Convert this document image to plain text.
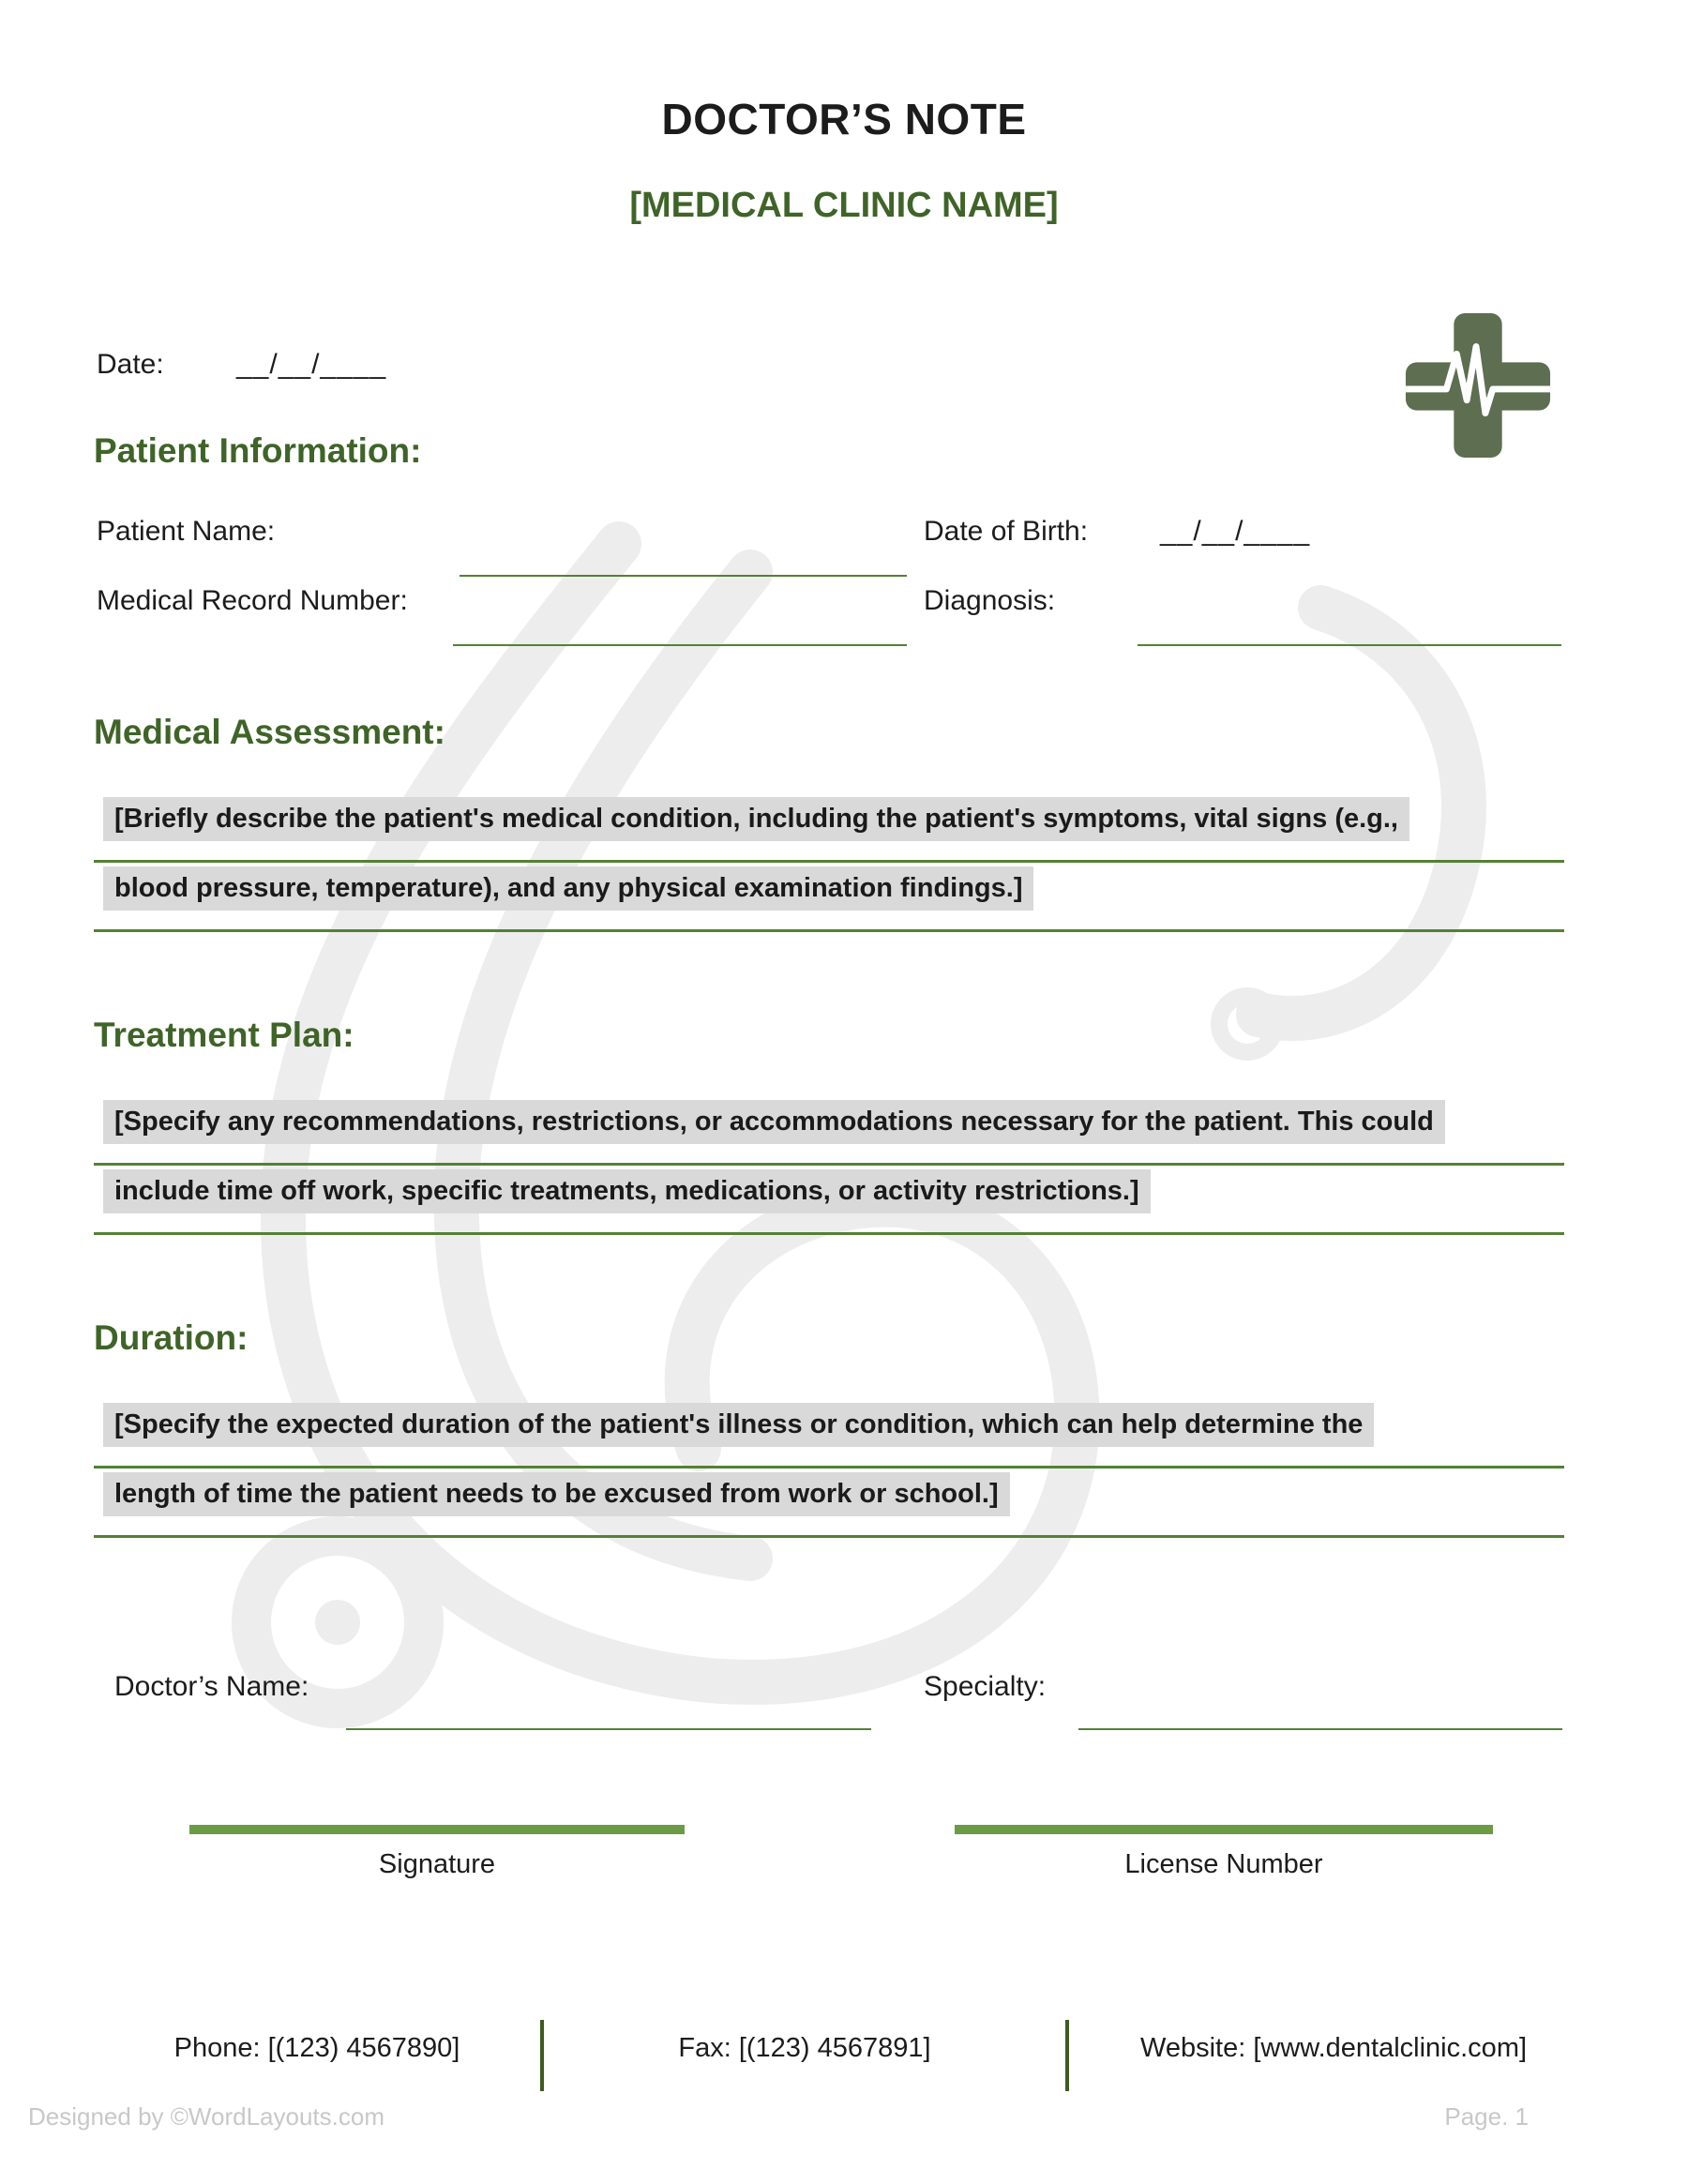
DOCTOR’S NOTE
[MEDICAL CLINIC NAME]
Date:	__/__/____
Patient Information:
Patient Name:	Date of Birth:	__/__/____
Medical Record Number:	Diagnosis:
Medical Assessment:
[Briefly describe the patient's medical condition, including the patient's symptoms, vital signs (e.g.,
blood pressure, temperature), and any physical examination findings.]
Treatment Plan:
[Specify any recommendations, restrictions, or accommodations necessary for the patient. This could
include time off work, specific treatments, medications, or activity restrictions.]
Duration:
[Specify the expected duration of the patient's illness or condition, which can help determine the
length of time the patient needs to be excused from work or school.]
Doctor’s Name:	Specialty:
Signature	License Number
Phone: [(123) 4567890]	Fax: [(123) 4567891]	Website: [www.dentalclinic.com]
Designed by ©WordLayouts.com	Page. 1
